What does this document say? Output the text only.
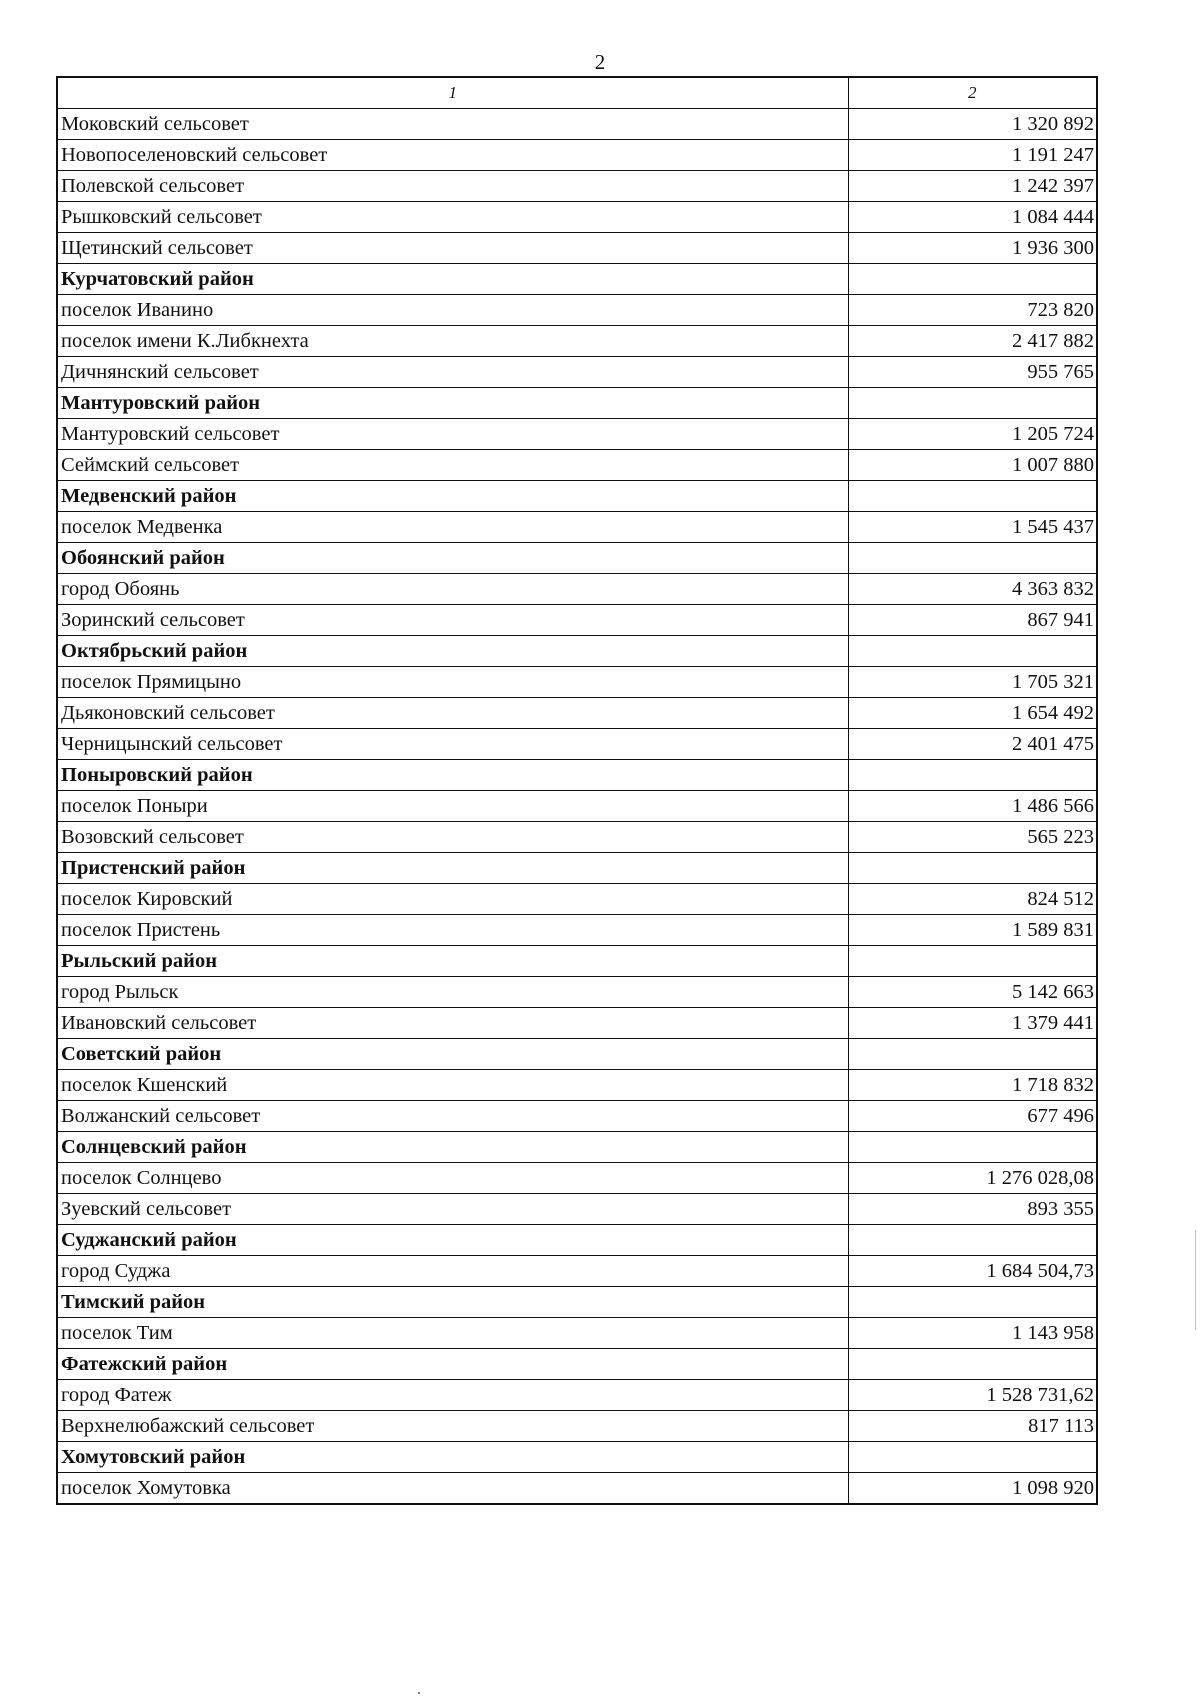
2
1	2
Моковский сельсовет	1 320 892
Новопоселеновский сельсовет	1 191 247
Полевской сельсовет	1 242 397
Рышковский сельсовет	1 084 444
Щетинский сельсовет	1 936 300
Курчатовский район	
поселок Иванино	723 820
поселок имени К.Либкнехта	2 417 882
Дичнянский сельсовет	955 765
Мантуровский район	
Мантуровский сельсовет	1 205 724
Сеймский сельсовет	1 007 880
Медвенский район	
поселок Медвенка	1 545 437
Обоянский район	
город Обоянь	4 363 832
Зоринский сельсовет	867 941
Октябрьский район	
поселок Прямицыно	1 705 321
Дьяконовский сельсовет	1 654 492
Черницынский сельсовет	2 401 475
Поныровский район	
поселок Поныри	1 486 566
Возовский сельсовет	565 223
Пристенский район	
поселок Кировский	824 512
поселок Пристень	1 589 831
Рыльский район	
город Рыльск	5 142 663
Ивановский сельсовет	1 379 441
Советский район	
поселок Кшенский	1 718 832
Волжанский сельсовет	677 496
Солнцевский район	
поселок Солнцево	1 276 028,08
Зуевский сельсовет	893 355
Суджанский район	
город Суджа	1 684 504,73
Тимский район	
поселок Тим	1 143 958
Фатежский район	
город Фатеж	1 528 731,62
Верхнелюбажский сельсовет	817 113
Хомутовский район	
поселок Хомутовка	1 098 920
